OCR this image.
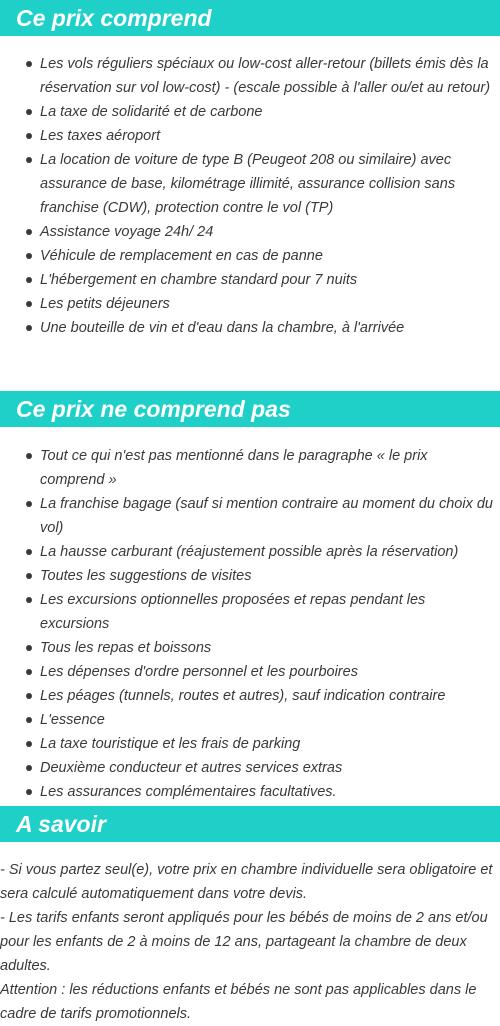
Ce prix comprend
Les vols réguliers spéciaux ou low-cost aller-retour (billets émis dès la réservation sur vol low-cost) - (escale possible à l'aller ou/et au retour)
La taxe de solidarité et de carbone
Les taxes aéroport
La location de voiture de type B (Peugeot 208 ou similaire) avec assurance de base, kilométrage illimité, assurance collision sans franchise (CDW), protection contre le vol (TP)
Assistance voyage 24h/ 24
Véhicule de remplacement en cas de panne
L'hébergement en chambre standard pour 7 nuits
Les petits déjeuners
Une bouteille de vin et d'eau dans la chambre, à l'arrivée
Ce prix ne comprend pas
Tout ce qui n'est pas mentionné dans le paragraphe « le prix comprend »
La franchise bagage (sauf si mention contraire au moment du choix du vol)
La hausse carburant (réajustement possible après la réservation)
Toutes les suggestions de visites
Les excursions optionnelles proposées et repas pendant les excursions
Tous les repas et boissons
Les dépenses d'ordre personnel et les pourboires
Les péages (tunnels, routes et autres), sauf indication contraire
L'essence
La taxe touristique et les frais de parking
Deuxième conducteur et autres services extras
Les assurances complémentaires facultatives.
A savoir

- Si vous partez seul(e), votre prix en chambre individuelle sera obligatoire et sera calculé automatiquement dans votre devis.

- Les tarifs enfants seront appliqués pour les bébés de moins de 2 ans et/ou pour les enfants de 2 à moins de 12 ans, partageant la chambre de deux adultes.

Attention : les réductions enfants et bébés ne sont pas applicables dans le cadre de tarifs promotionnels.
